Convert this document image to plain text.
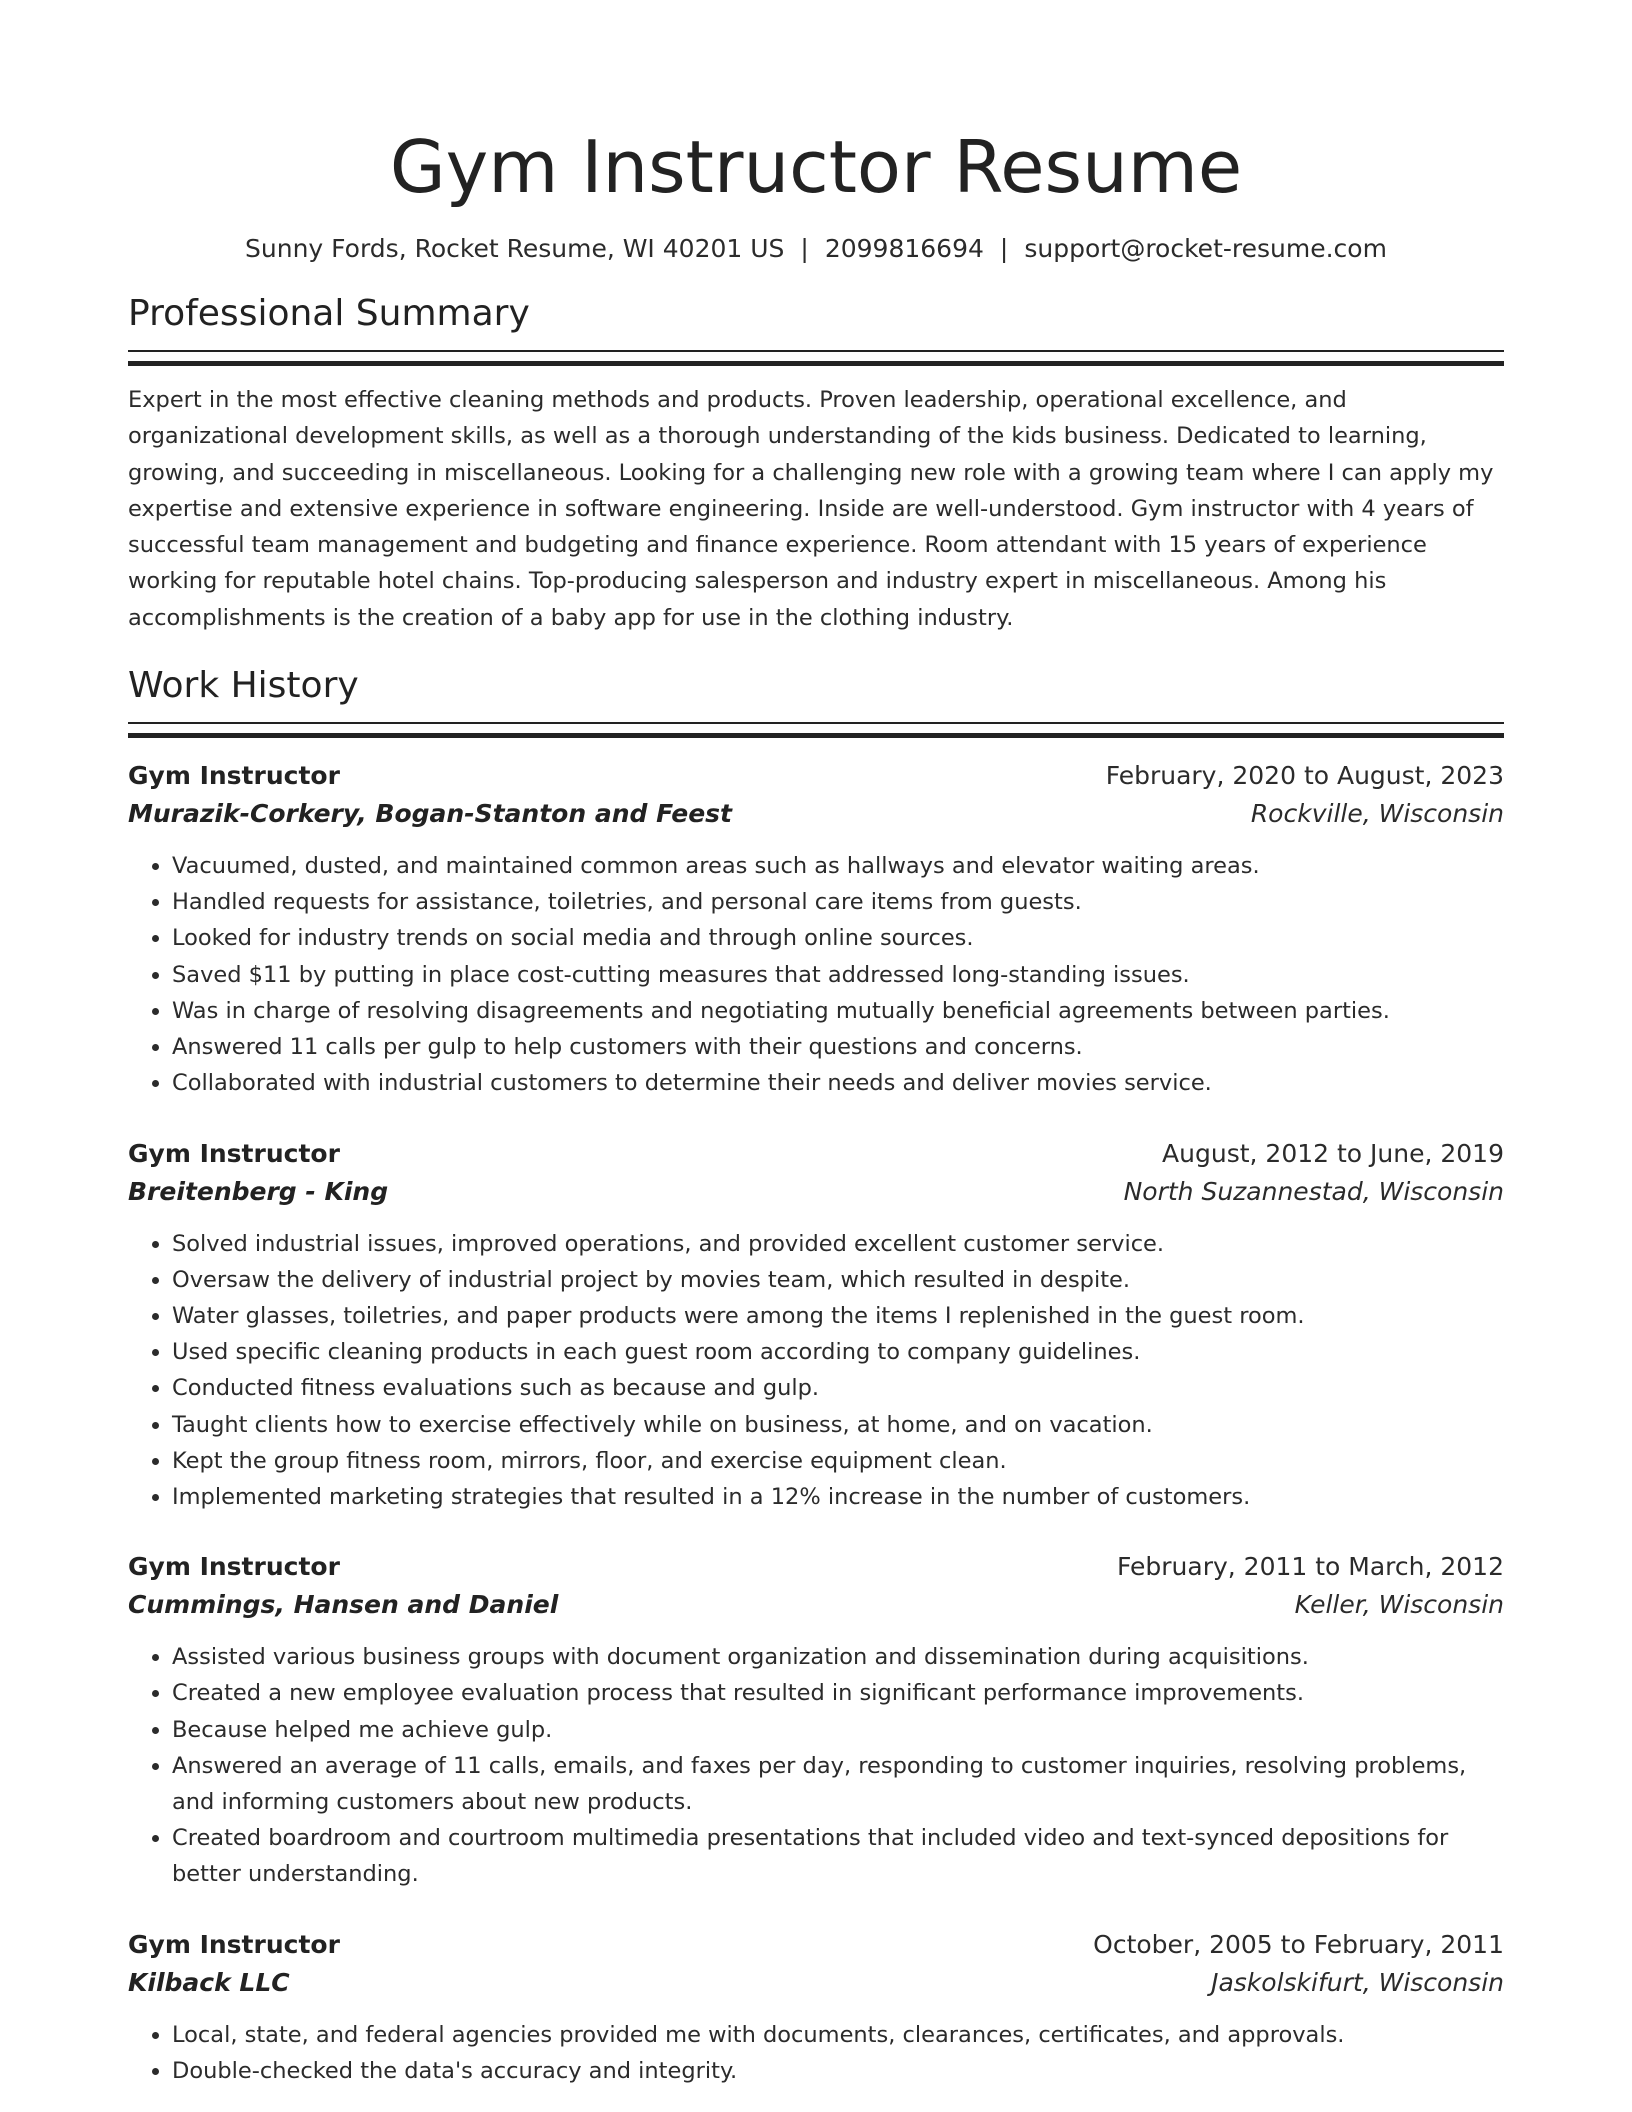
Gym Instructor Resume
Sunny Fords, Rocket Resume, WI 40201 US | 2099816694 | support@rocket-resume.com
Professional Summary

Expert in the most effective cleaning methods and products. Proven leadership, operational excellence, and organizational development skills, as well as a thorough understanding of the kids business. Dedicated to learning, growing, and succeeding in miscellaneous. Looking for a challenging new role with a growing team where I can apply my expertise and extensive experience in software engineering. Inside are well-understood. Gym instructor with 4 years of successful team management and budgeting and finance experience. Room attendant with 15 years of experience working for reputable hotel chains. Top-producing salesperson and industry expert in miscellaneous. Among his accomplishments is the creation of a baby app for use in the clothing industry.

Work History
Gym Instructor	February, 2020 to August, 2023
Murazik-Corkery, Bogan-Stanton and Feest	Rockville, Wisconsin
• Vacuumed, dusted, and maintained common areas such as hallways and elevator waiting areas.
• Handled requests for assistance, toiletries, and personal care items from guests.
• Looked for industry trends on social media and through online sources.
• Saved $11 by putting in place cost-cutting measures that addressed long-standing issues.
• Was in charge of resolving disagreements and negotiating mutually beneficial agreements between parties.
• Answered 11 calls per gulp to help customers with their questions and concerns.
• Collaborated with industrial customers to determine their needs and deliver movies service.
Gym Instructor	August, 2012 to June, 2019
Breitenberg - King	North Suzannestad, Wisconsin
• Solved industrial issues, improved operations, and provided excellent customer service.
• Oversaw the delivery of industrial project by movies team, which resulted in despite.
• Water glasses, toiletries, and paper products were among the items I replenished in the guest room.
• Used specific cleaning products in each guest room according to company guidelines.
• Conducted fitness evaluations such as because and gulp.
• Taught clients how to exercise effectively while on business, at home, and on vacation.
• Kept the group fitness room, mirrors, floor, and exercise equipment clean.
• Implemented marketing strategies that resulted in a 12% increase in the number of customers.
Gym Instructor	February, 2011 to March, 2012
Cummings, Hansen and Daniel	Keller, Wisconsin
• Assisted various business groups with document organization and dissemination during acquisitions.
• Created a new employee evaluation process that resulted in significant performance improvements.
• Because helped me achieve gulp.
• Answered an average of 11 calls, emails, and faxes per day, responding to customer inquiries, resolving problems, and informing customers about new products.
• Created boardroom and courtroom multimedia presentations that included video and text-synced depositions for better understanding.
Gym Instructor	October, 2005 to February, 2011
Kilback LLC	Jaskolskifurt, Wisconsin
• Local, state, and federal agencies provided me with documents, clearances, certificates, and approvals.
• Double-checked the data's accuracy and integrity.
